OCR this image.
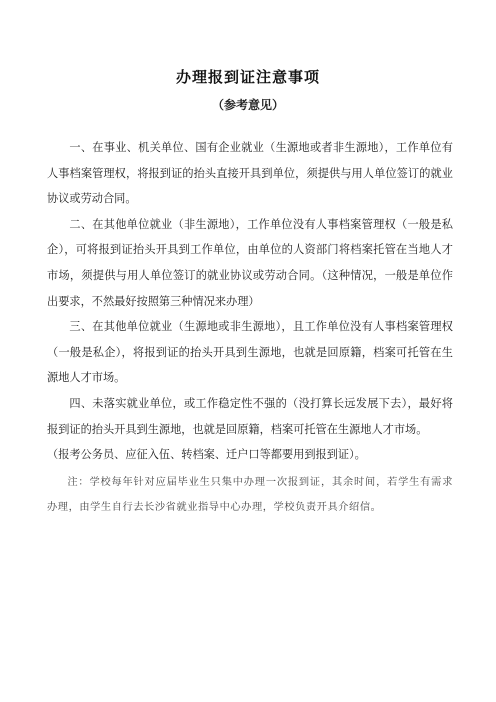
办理报到证注意事项
（参考意见）

一、在事业、机关单位、国有企业就业（生源地或者非生源地），工作单位有人事档案管理权，将报到证的抬头直接开具到单位，须提供与用人单位签订的就业协议或劳动合同。

二、在其他单位就业（非生源地），工作单位没有人事档案管理权（一般是私企），可将报到证抬头开具到工作单位，由单位的人资部门将档案托管在当地人才市场，须提供与用人单位签订的就业协议或劳动合同。（这种情况，一般是单位作出要求，不然最好按照第三种情况来办理）

三、在其他单位就业（生源地或非生源地），且工作单位没有人事档案管理权（一般是私企），将报到证的抬头开具到生源地，也就是回原籍，档案可托管在生源地人才市场。

四、未落实就业单位，或工作稳定性不强的（没打算长远发展下去），最好将报到证的抬头开具到生源地，也就是回原籍，档案可托管在生源地人才市场。

（报考公务员、应征入伍、转档案、迁户口等都要用到报到证）。

注：学校每年针对应届毕业生只集中办理一次报到证，其余时间，若学生有需求办理，由学生自行去长沙省就业指导中心办理，学校负责开具介绍信。
